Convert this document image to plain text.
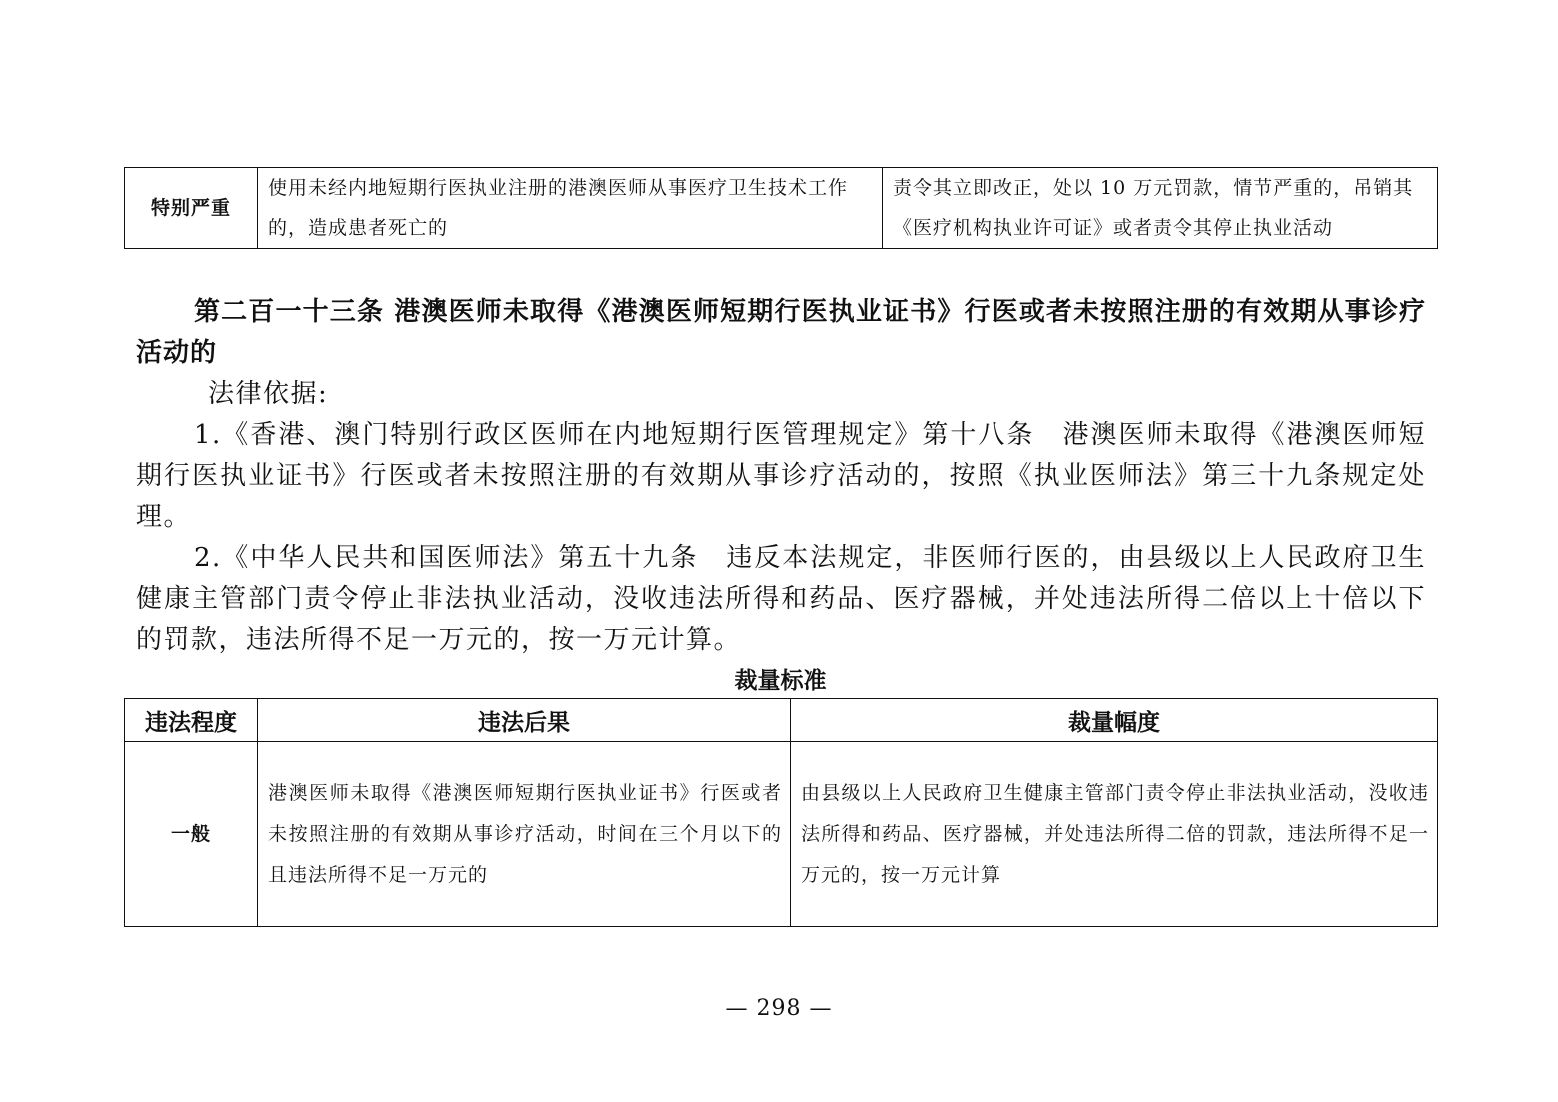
特别严重	使用未经内地短期行医执业注册的港澳医师从事医疗卫生技术工作的，造成患者死亡的	责令其立即改正，处以 10 万元罚款，情节严重的，吊销其《医疗机构执业许可证》或者责令其停止执业活动

第二百一十三条 港澳医师未取得《港澳医师短期行医执业证书》行医或者未按照注册的有效期从事诊疗活动的

法律依据:

1.《香港、澳门特别行政区医师在内地短期行医管理规定》第十八条　港澳医师未取得《港澳医师短期行医执业证书》行医或者未按照注册的有效期从事诊疗活动的，按照《执业医师法》第三十九条规定处理。

2.《中华人民共和国医师法》第五十九条　违反本法规定，非医师行医的，由县级以上人民政府卫生健康主管部门责令停止非法执业活动，没收违法所得和药品、医疗器械，并处违法所得二倍以上十倍以下的罚款，违法所得不足一万元的，按一万元计算。

裁量标准
违法程度	违法后果	裁量幅度
一般	港澳医师未取得《港澳医师短期行医执业证书》行医或者未按照注册的有效期从事诊疗活动，时间在三个月以下的且违法所得不足一万元的	由县级以上人民政府卫生健康主管部门责令停止非法执业活动，没收违法所得和药品、医疗器械，并处违法所得二倍的罚款，违法所得不足一万元的，按一万元计算
— 298 —
